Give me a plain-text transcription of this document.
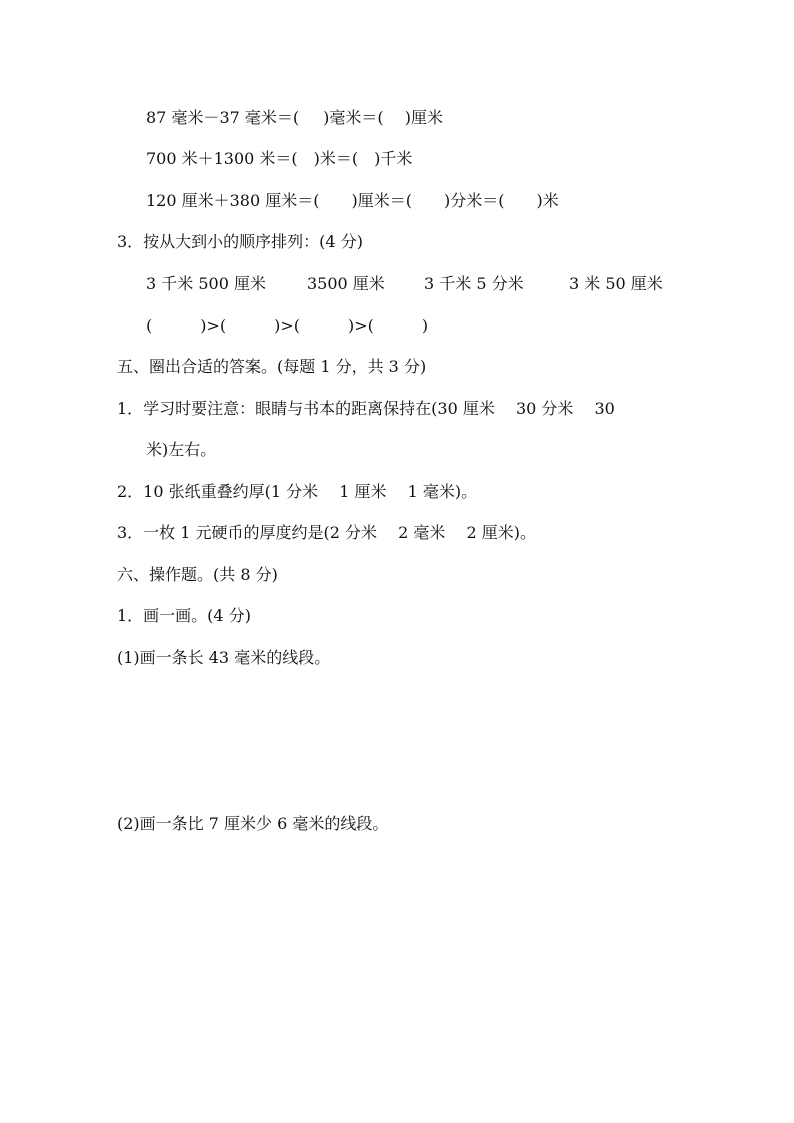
87 毫米－37 毫米＝(  )毫米＝(  )厘米

700 米＋1300 米＝( )米＝( )千米

120 厘米＋380 厘米＝(  )厘米＝(  )分米＝(  )米

3．按从大到小的顺序排列：(4 分)

3 千米 500 厘米	3500 厘米 3 千米 5 分米	3 米 50 厘米

(   )>(   )>(   )>(   )

五、圈出合适的答案。(每题 1 分，共 3 分)

1．学习时要注意：眼睛与书本的距离保持在(30 厘米  30 分米  30

米)左右。

2．10 张纸重叠约厚(1 分米  1 厘米  1 毫米)。

3．一枚 1 元硬币的厚度约是(2 分米  2 毫米  2 厘米)。

六、操作题。(共 8 分)

1．画一画。(4 分)

(1)画一条长 43 毫米的线段。

(2)画一条比 7 厘米少 6 毫米的线段。
